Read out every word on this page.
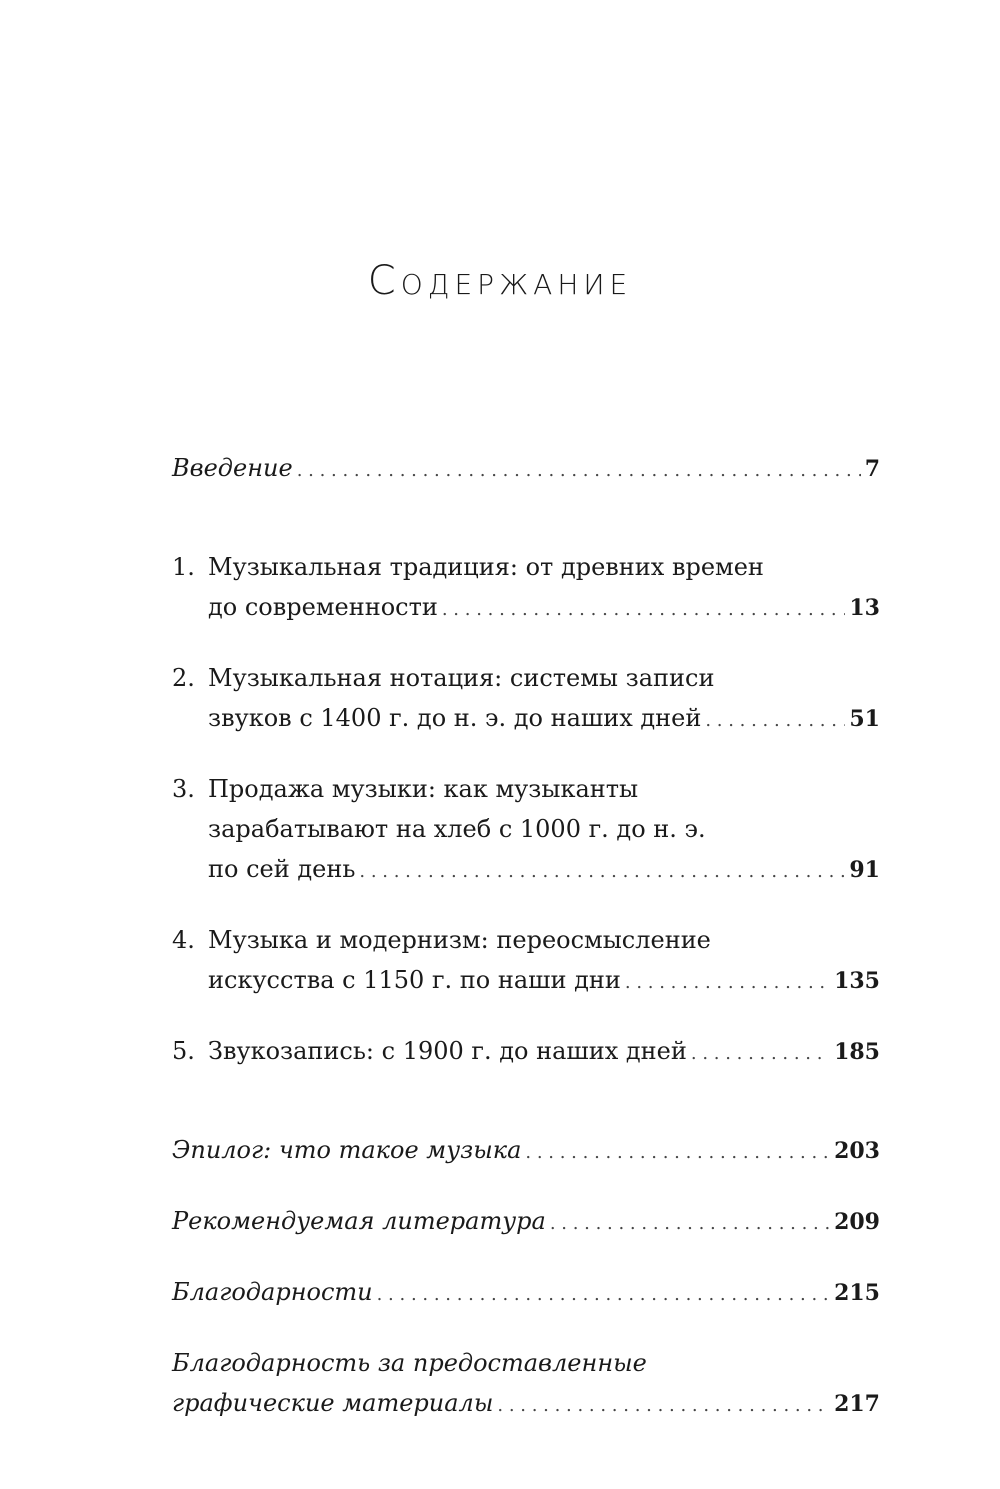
Содержание
Введение . . .	7
1. Музыкальная традиция: от древних времен
до современности . . .	13
2. Музыкальная нотация: системы записи
звуков с 1400 г. до н. э. до наших дней . . .	51
3. Продажа музыки: как музыканты
зарабатывают на хлеб с 1000 г. до н. э.
по сей день . . .	91
4. Музыка и модернизм: переосмысление
искусства с 1150 г. по наши дни . . .	135
5. Звукозапись: с 1900 г. до наших дней . . .	185
Эпилог: что такое музыка . . .	203
Рекомендуемая литература . . .	209
Благодарности . . .	215
Благодарность за предоставленные
графические материалы . . .	217
